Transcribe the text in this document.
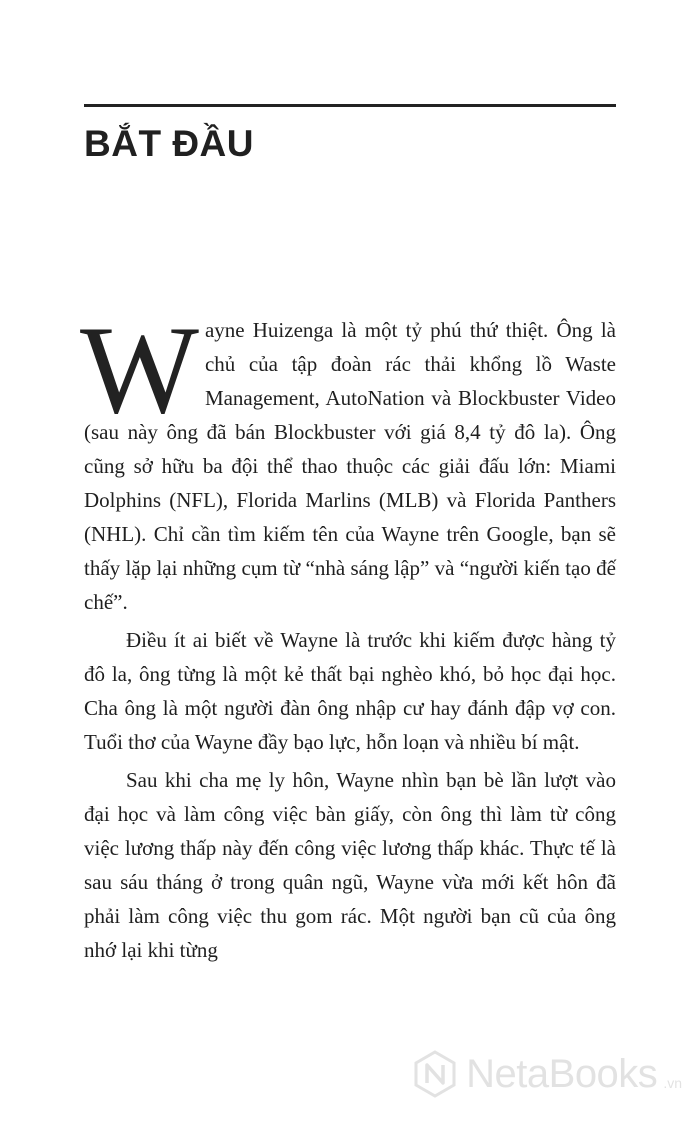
BẮT ĐẦU

Wayne Huizenga là một tỷ phú thứ thiệt. Ông là chủ của tập đoàn rác thải khổng lồ Waste Management, AutoNation và Blockbuster Video (sau này ông đã bán Blockbuster với giá 8,4 tỷ đô la). Ông cũng sở hữu ba đội thể thao thuộc các giải đấu lớn: Miami Dolphins (NFL), Florida Marlins (MLB) và Florida Panthers (NHL). Chỉ cần tìm kiếm tên của Wayne trên Google, bạn sẽ thấy lặp lại những cụm từ “nhà sáng lập” và “người kiến tạo đế chế”.

Điều ít ai biết về Wayne là trước khi kiếm được hàng tỷ đô la, ông từng là một kẻ thất bại nghèo khó, bỏ học đại học. Cha ông là một người đàn ông nhập cư hay đánh đập vợ con. Tuổi thơ của Wayne đầy bạo lực, hỗn loạn và nhiều bí mật.

Sau khi cha mẹ ly hôn, Wayne nhìn bạn bè lần lượt vào đại học và làm công việc bàn giấy, còn ông thì làm từ công việc lương thấp này đến công việc lương thấp khác. Thực tế là sau sáu tháng ở trong quân ngũ, Wayne vừa mới kết hôn đã phải làm công việc thu gom rác. Một người bạn cũ của ông nhớ lại khi từng

NetaBooks .vn
